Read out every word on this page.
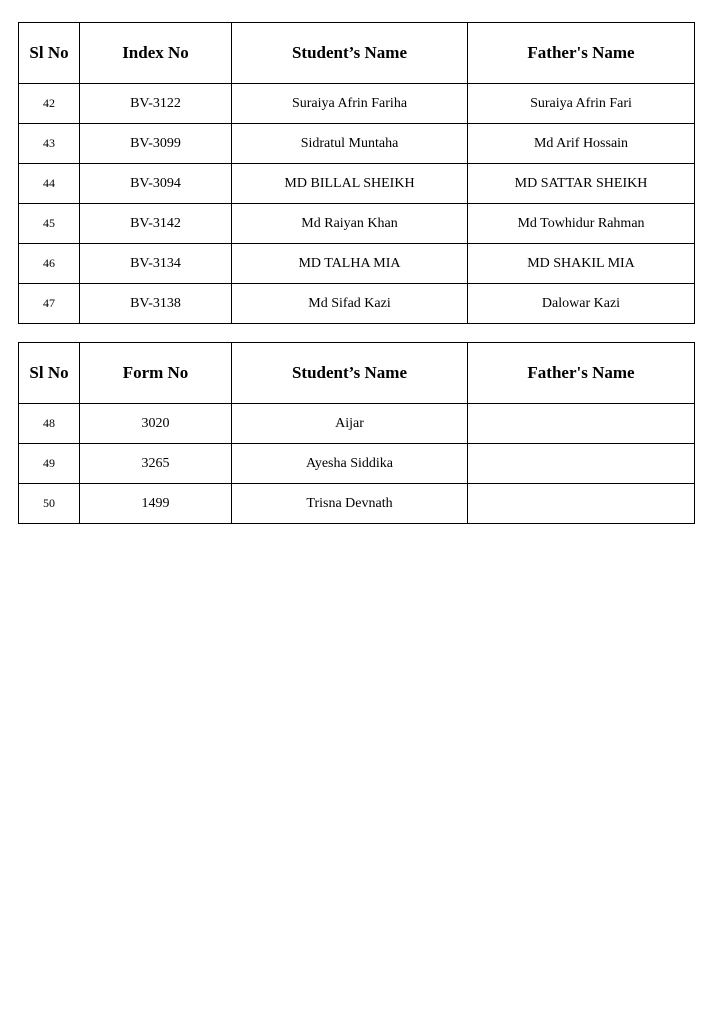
Sl No	Index No	Student’s Name	Father's Name
42	BV-3122	Suraiya Afrin Fariha	Suraiya Afrin Fari
43	BV-3099	Sidratul Muntaha	Md Arif Hossain
44	BV-3094	MD BILLAL SHEIKH	MD SATTAR SHEIKH
45	BV-3142	Md Raiyan Khan	Md Towhidur Rahman
46	BV-3134	MD TALHA MIA	MD SHAKIL MIA
47	BV-3138	Md Sifad Kazi	Dalowar Kazi
Sl No	Form No	Student’s Name	Father's Name
48	3020	Aijar	
49	3265	Ayesha Siddika	
50	1499	Trisna Devnath	
